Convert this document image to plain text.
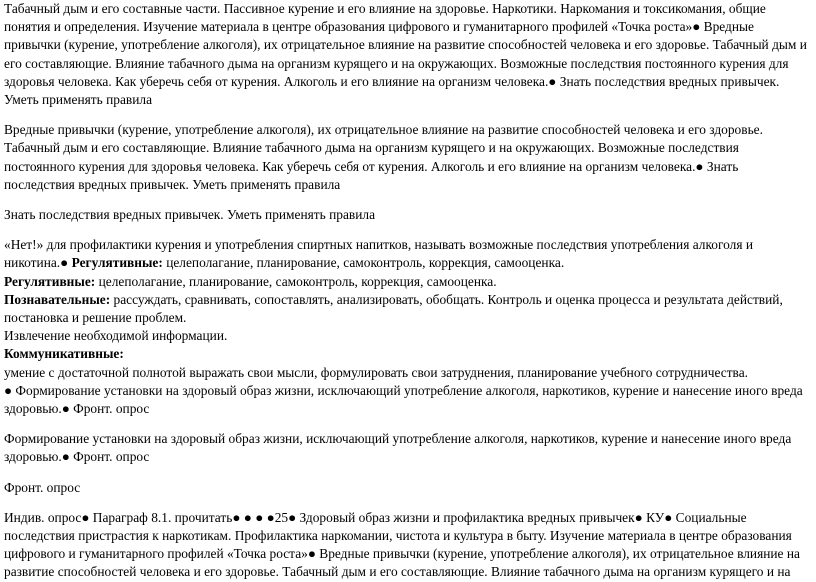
Табачный дым и его составные части. Пассивное курение и его влияние на здоровье. Наркотики. Наркомания и токсикомания, общие понятия и определения. Изучение материала в центре образования цифрового и гуманитарного профилей «Точка роста»● Вредные привычки (курение, употребление алкоголя), их отрицательное влияние на развитие способностей человека и его здоровье. Табачный дым и его составляющие. Влияние табачного дыма на организм курящего и на окружающих. Возможные последствия постоянного курения для здоровья человека. Как уберечь себя от курения. Алкоголь и его влияние на организм человека.● Знать последствия вредных привычек. Уметь применять правила

Вредные привычки (курение, употребление алкоголя), их отрицательное влияние на развитие способностей человека и его здоровье. Табачный дым и его составляющие. Влияние табачного дыма на организм курящего и на окружающих. Возможные последствия постоянного курения для здоровья человека. Как уберечь себя от курения. Алкоголь и его влияние на организм человека.● Знать последствия вредных привычек. Уметь применять правила

Знать последствия вредных привычек. Уметь применять правила

«Нет!» для профилактики курения и употребления спиртных напитков, называть возможные последствия употребления алкоголя и никотина.● Регулятивные: целеполагание, планирование, самоконтроль, коррекция, самооценка.

Регулятивные: целеполагание, планирование, самоконтроль, коррекция, самооценка.

Познавательные: рассуждать, сравнивать, сопоставлять, анализировать, обобщать. Контроль и оценка процесса и результата действий, постановка и решение проблем.

Извлечение необходимой информации.

Коммуникативные:

умение с достаточной полнотой выражать свои мысли, формулировать свои затруднения, планирование учебного сотрудничества.

● Формирование установки на здоровый образ жизни, исключающий употребление алкоголя, наркотиков, курение и нанесение иного вреда здоровью.● Фронт. опрос

Формирование установки на здоровый образ жизни, исключающий употребление алкоголя, наркотиков, курение и нанесение иного вреда здоровью.● Фронт. опрос

Фронт. опрос

Индив. опрос● Параграф 8.1. прочитать● ● ● ●25● Здоровый образ жизни и профилактика вредных привычек● КУ● Социальные последствия пристрастия к наркотикам. Профилактика наркомании, чистота и культура в быту. Изучение материала в центре образования цифрового и гуманитарного профилей «Точка роста»● Вредные привычки (курение, употребление алкоголя), их отрицательное влияние на развитие способностей человека и его здоровье. Табачный дым и его составляющие. Влияние табачного дыма на организм курящего и на
